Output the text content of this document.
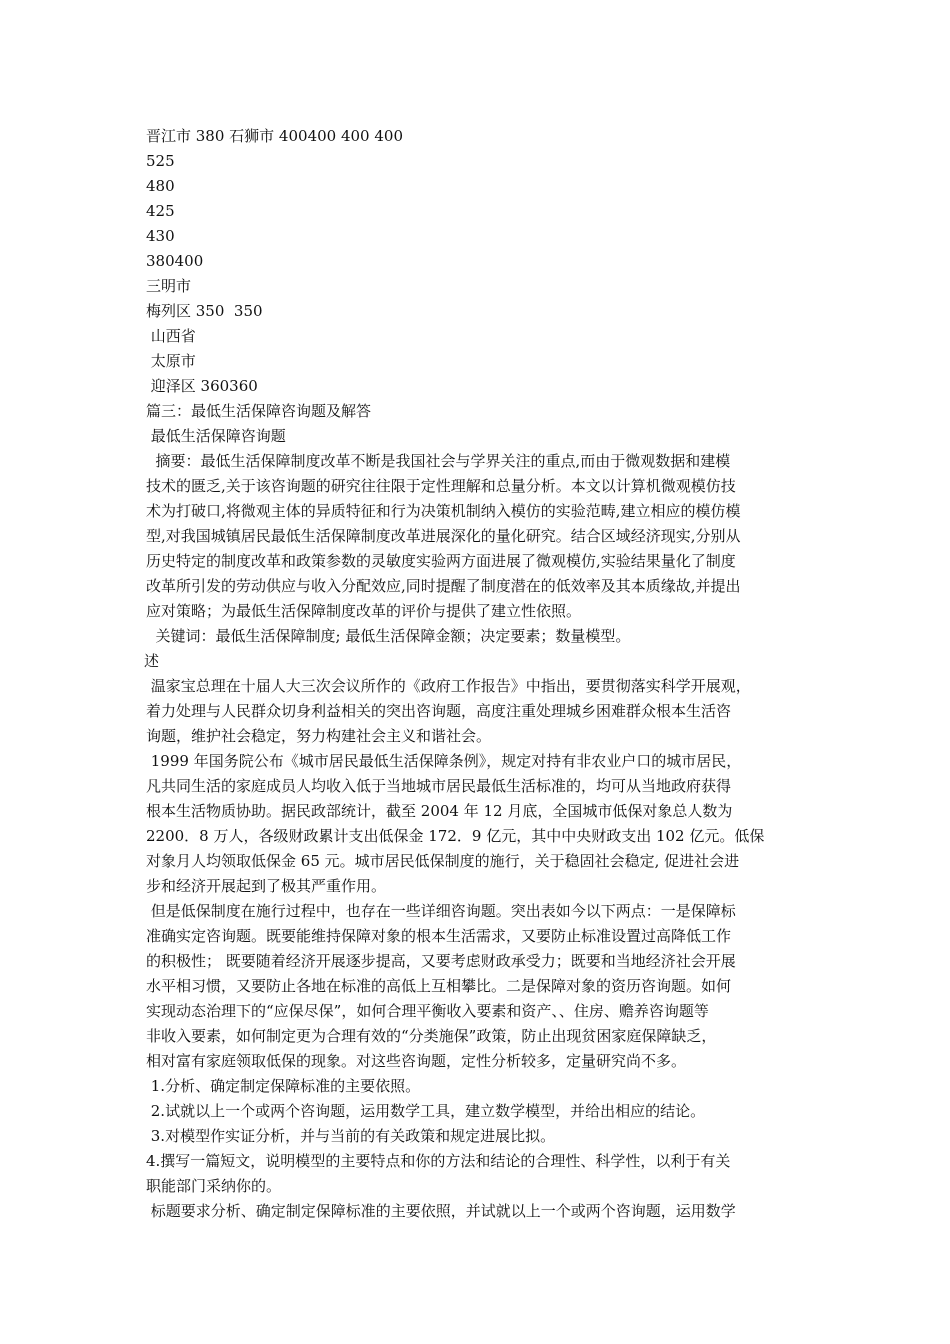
晋江市 380 石狮市 400400 400 400
525
480
425
430
380400
三明市
梅列区 350  350
山西省
太原市
迎泽区 360360
篇三：最低生活保障咨询题及解答
最低生活保障咨询题
摘要：最低生活保障制度改革不断是我国社会与学界关注的重点,而由于微观数据和建模
技术的匮乏,关于该咨询题的研究往往限于定性理解和总量分析。本文以计算机微观模仿技
术为打破口,将微观主体的异质特征和行为决策机制纳入模仿的实验范畴,建立相应的模仿模
型,对我国城镇居民最低生活保障制度改革进展深化的量化研究。结合区域经济现实,分别从
历史特定的制度改革和政策参数的灵敏度实验两方面进展了微观模仿,实验结果量化了制度
改革所引发的劳动供应与收入分配效应,同时提醒了制度潜在的低效率及其本质缘故,并提出
应对策略；为最低生活保障制度改革的评价与提供了建立性依照。
关键词：最低生活保障制度; 最低生活保障金额；决定要素；数量模型。
述
温家宝总理在十届人大三次会议所作的《政府工作报告》中指出，要贯彻落实科学开展观，
着力处理与人民群众切身利益相关的突出咨询题，高度注重处理城乡困难群众根本生活咨
询题，维护社会稳定，努力构建社会主义和谐社会。
1999 年国务院公布《城市居民最低生活保障条例》，规定对持有非农业户口的城市居民，
凡共同生活的家庭成员人均收入低于当地城市居民最低生活标准的，均可从当地政府获得
根本生活物质协助。据民政部统计，截至 2004 年 12 月底，全国城市低保对象总人数为
2200．8 万人，各级财政累计支出低保金 172．9 亿元，其中中央财政支出 102 亿元。低保
对象月人均领取低保金 65 元。城市居民低保制度的施行，关于稳固社会稳定, 促进社会进
步和经济开展起到了极其严重作用。
但是低保制度在施行过程中，也存在一些详细咨询题。突出表如今以下两点：一是保障标
准确实定咨询题。既要能维持保障对象的根本生活需求，又要防止标准设置过高降低工作
的积极性； 既要随着经济开展逐步提高，又要考虑财政承受力；既要和当地经济社会开展
水平相习惯，又要防止各地在标准的高低上互相攀比。二是保障对象的资历咨询题。如何
实现动态治理下的“应保尽保”，如何合理平衡收入要素和资产、、住房、赡养咨询题等
非收入要素，如何制定更为合理有效的“分类施保”政策，防止出现贫困家庭保障缺乏，
相对富有家庭领取低保的现象。对这些咨询题，定性分析较多，定量研究尚不多。
1.分析、确定制定保障标准的主要依照。
2.试就以上一个或两个咨询题，运用数学工具，建立数学模型，并给出相应的结论。
3.对模型作实证分析，并与当前的有关政策和规定进展比拟。
4.撰写一篇短文，说明模型的主要特点和你的方法和结论的合理性、科学性，以利于有关
职能部门采纳你的。
标题要求分析、确定制定保障标准的主要依照，并试就以上一个或两个咨询题，运用数学
